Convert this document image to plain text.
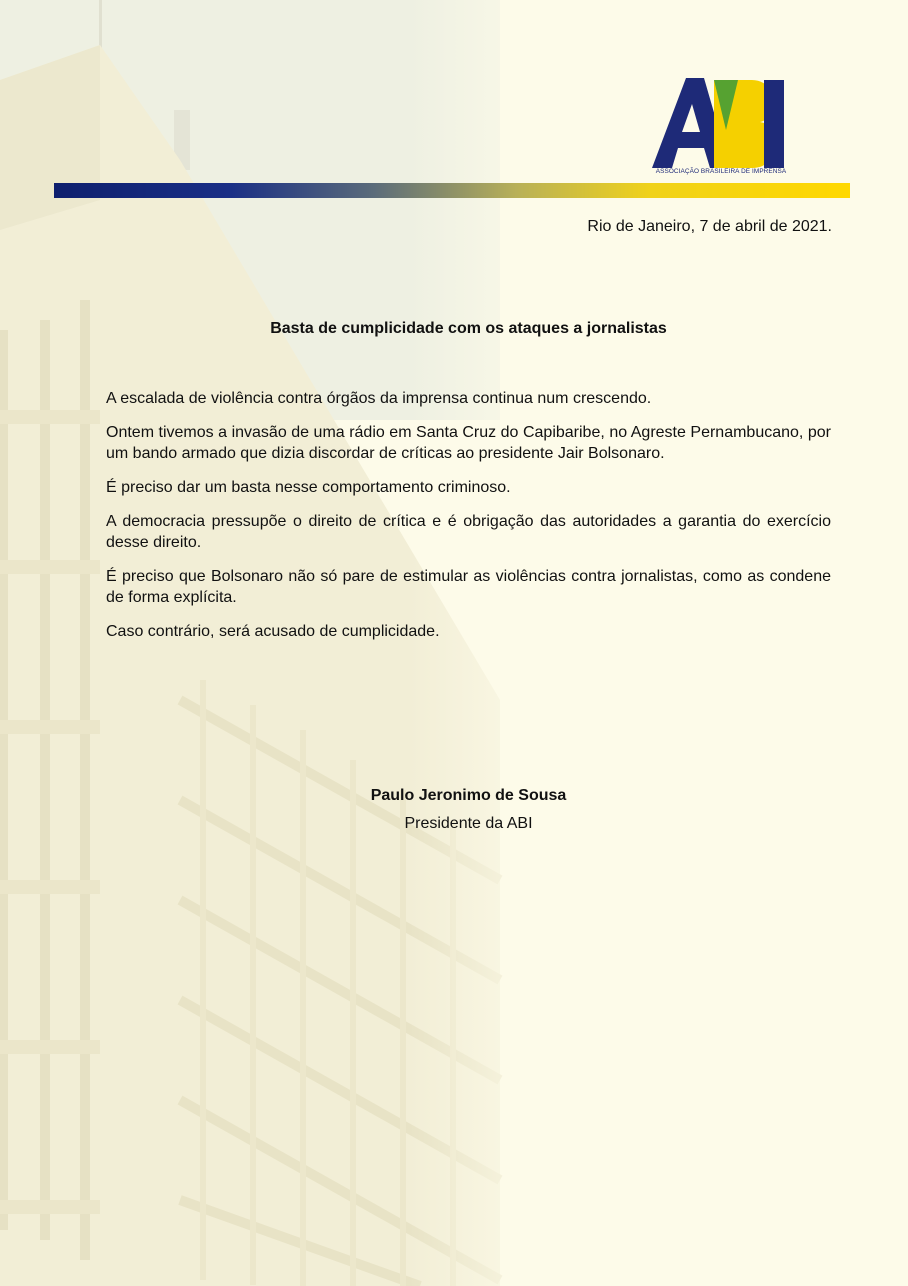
ASSOCIAÇÃO BRASILEIRA DE IMPRENSA
Rio de Janeiro, 7 de abril de 2021.
Basta de cumplicidade com os ataques a jornalistas

A escalada de violência contra órgãos da imprensa continua num crescendo.

Ontem tivemos a invasão de uma rádio em Santa Cruz do Capibaribe, no Agreste Pernambucano, por um bando armado que dizia discordar de críticas ao presidente Jair Bolsonaro.

É preciso dar um basta nesse comportamento criminoso.

A democracia pressupõe o direito de crítica e é obrigação das autoridades a garantia do exercício desse direito.

É preciso que Bolsonaro não só pare de estimular as violências contra jornalistas, como as condene de forma explícita.

Caso contrário, será acusado de cumplicidade.

Paulo Jeronimo de Sousa

Presidente da ABI
